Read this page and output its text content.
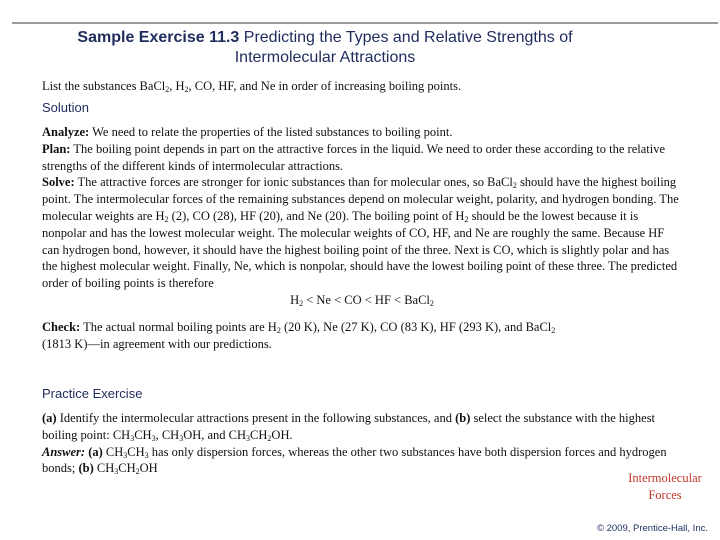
Sample Exercise 11.3 Predicting the Types and Relative Strengths of
Intermolecular Attractions
List the substances BaCl$_2$, $H_2$, CO, HF, and Ne in order of increasing boiling points.
Solution
Analyze: We need to relate the properties of the listed substances to boiling point.
Plan: The boiling point depends in part on the attractive forces in the liquid. We need to order these according to the relative strengths of the different kinds of intermolecular attractions.
Solve: The attractive forces are stronger for ionic substances than for molecular ones, so BaCl$_2$ should have the highest boiling point. The intermolecular forces of the remaining substances depend on molecular weight, polarity, and hydrogen bonding. The molecular weights are $H_2$ (2), CO (28), HF (20), and Ne (20). The boiling point of $H_2$ should be the lowest because it is nonpolar and has the lowest molecular weight. The molecular weights of CO, HF, and Ne are roughly the same. Because HF can hydrogen bond, however, it should have the highest boiling point of the three. Next is CO, which is slightly polar and has the highest molecular weight. Finally, Ne, which is nonpolar, should have the lowest boiling point of these three. The predicted order of boiling points is therefore
$H_2 < Ne$ < CO < HF < BaCl$_2$
Check: The actual normal boiling points are $H_2$ (20 K), Ne (27 K), CO (83 K), HF (293 K), and BaCl$_2$
(1813 K)—in agreement with our predictions.
Practice Exercise
(a) Identify the intermolecular attractions present in the following substances, and (b) select the substance with the highest boiling point: $CH_3CH_3$, $CH_3OH$, and $CH_3CH_2OH$.
Answer: (a) $CH_3CH_3$ has only dispersion forces, whereas the other two substances have both dispersion forces and hydrogen bonds; (b) $CH_3CH_2OH$
Intermolecular
Forces
© 2009, Prentice-Hall, Inc.
